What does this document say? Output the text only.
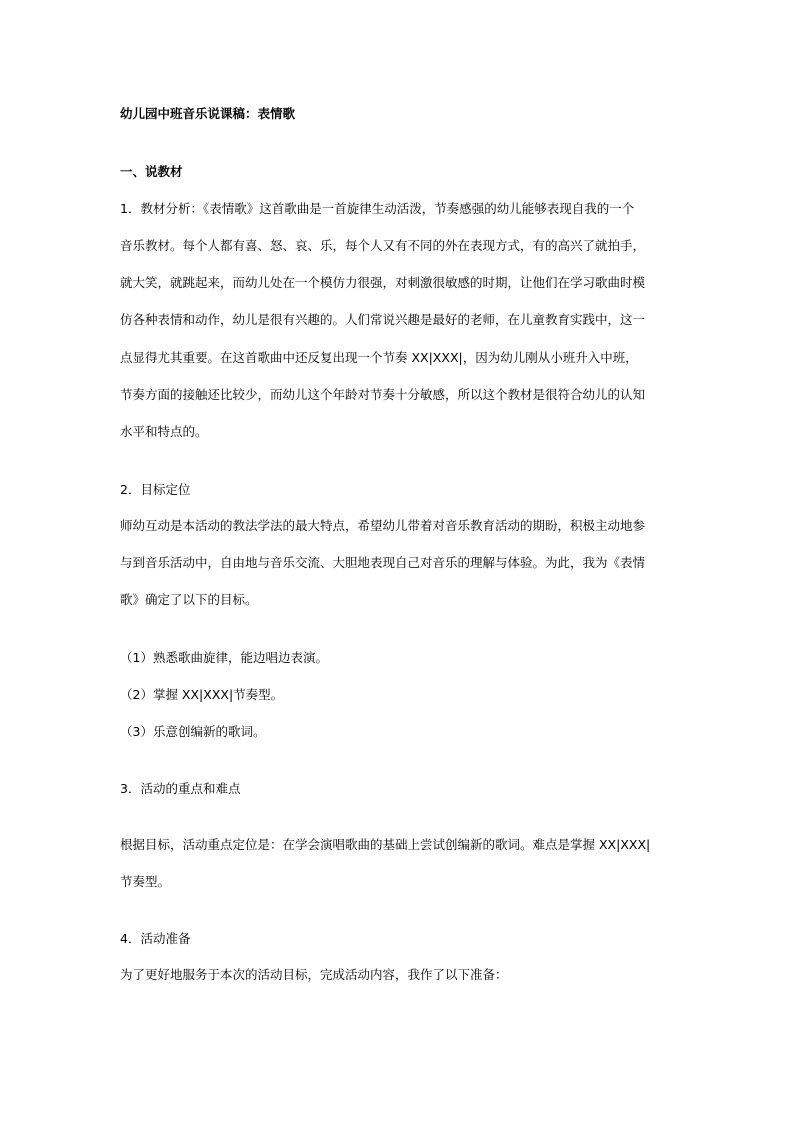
幼儿园中班音乐说课稿：表情歌
一、说教材
1．教材分析：《表情歌》这首歌曲是一首旋律生动活泼，节奏感强的幼儿能够表现自我的一个
音乐教材。每个人都有喜、怒、哀、乐，每个人又有不同的外在表现方式，有的高兴了就拍手，
就大笑，就跳起来，而幼儿处在一个模仿力很强，对刺激很敏感的时期，让他们在学习歌曲时模
仿各种表情和动作，幼儿是很有兴趣的。人们常说兴趣是最好的老师，在儿童教育实践中，这一
点显得尤其重要。在这首歌曲中还反复出现一个节奏 XX|XXX|，因为幼儿刚从小班升入中班，
节奏方面的接触还比较少，而幼儿这个年龄对节奏十分敏感，所以这个教材是很符合幼儿的认知
水平和特点的。
2．目标定位
师幼互动是本活动的教法学法的最大特点，希望幼儿带着对音乐教育活动的期盼，积极主动地参
与到音乐活动中，自由地与音乐交流、大胆地表现自己对音乐的理解与体验。为此，我为《表情
歌》确定了以下的目标。
（1）熟悉歌曲旋律，能边唱边表演。
（2）掌握 XX|XXX|节奏型。
（3）乐意创编新的歌词。
3．活动的重点和难点
根据目标，活动重点定位是：在学会演唱歌曲的基础上尝试创编新的歌词。难点是掌握 XX|XXX|
节奏型。
4．活动准备
为了更好地服务于本次的活动目标，完成活动内容，我作了以下准备：
